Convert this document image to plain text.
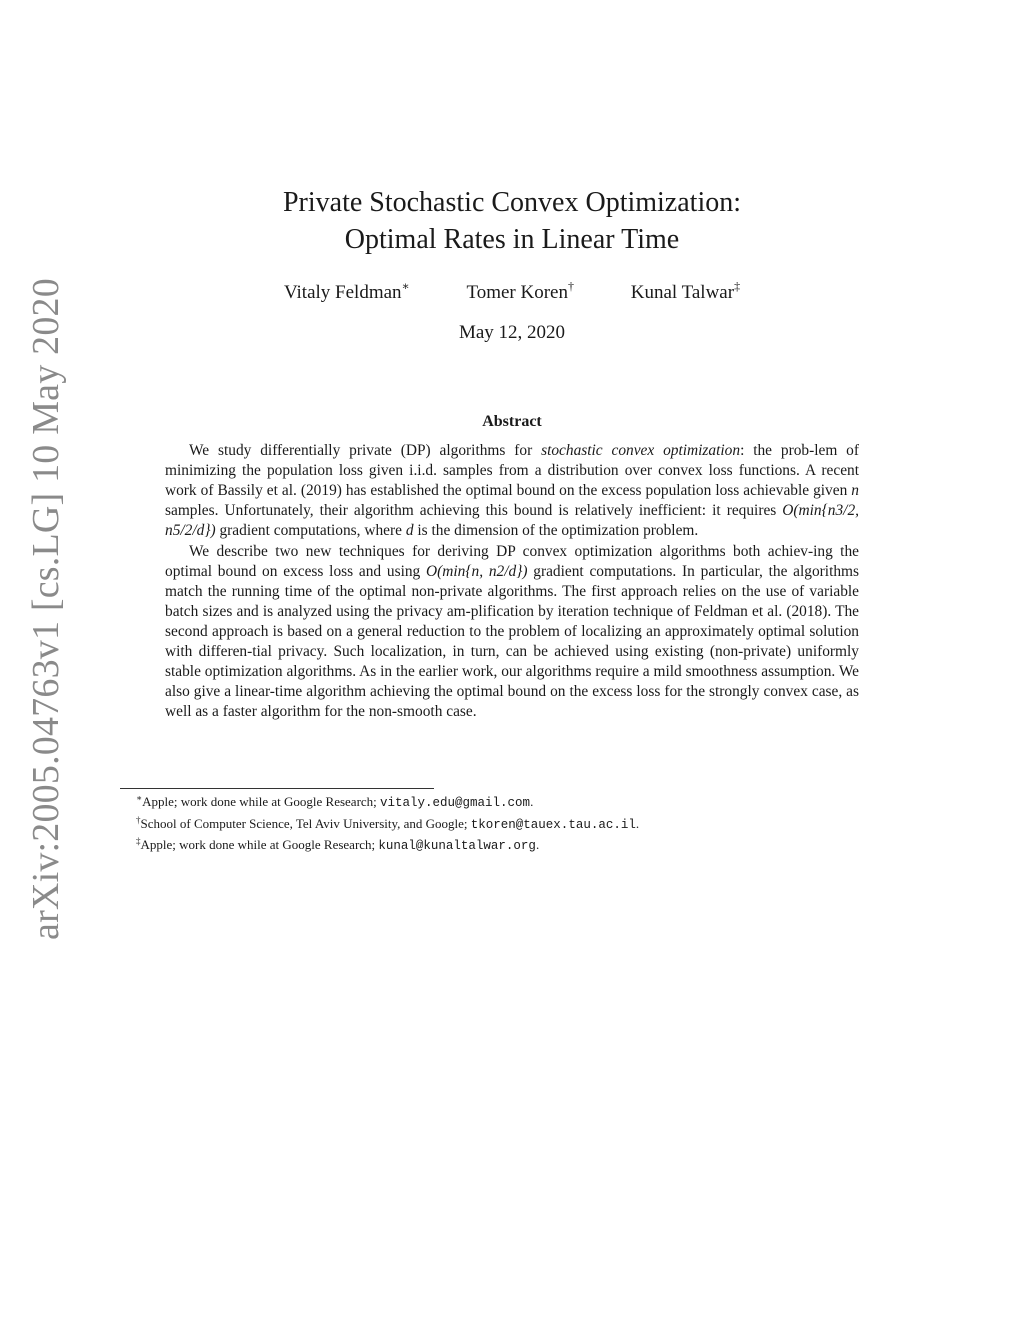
arXiv:2005.04763v1 [cs.LG] 10 May 2020
Private Stochastic Convex Optimization:
Optimal Rates in Linear Time
Vitaly Feldman∗	Tomer Koren†	Kunal Talwar‡
May 12, 2020
Abstract

We study differentially private (DP) algorithms for stochastic convex optimization: the prob-lem of minimizing the population loss given i.i.d. samples from a distribution over convex loss functions. A recent work of Bassily et al. (2019) has established the optimal bound on the excess population loss achievable given n samples. Unfortunately, their algorithm achieving this bound is relatively inefficient: it requires O(min{n3/2, n5/2/d}) gradient computations, where d is the dimension of the optimization problem.

We describe two new techniques for deriving DP convex optimization algorithms both achiev-ing the optimal bound on excess loss and using O(min{n, n2/d}) gradient computations. In particular, the algorithms match the running time of the optimal non-private algorithms. The first approach relies on the use of variable batch sizes and is analyzed using the privacy am-plification by iteration technique of Feldman et al. (2018). The second approach is based on a general reduction to the problem of localizing an approximately optimal solution with differen-tial privacy. Such localization, in turn, can be achieved using existing (non-private) uniformly stable optimization algorithms. As in the earlier work, our algorithms require a mild smoothness assumption. We also give a linear-time algorithm achieving the optimal bound on the excess loss for the strongly convex case, as well as a faster algorithm for the non-smooth case.

∗Apple; work done while at Google Research; vitaly.edu@gmail.com.

†School of Computer Science, Tel Aviv University, and Google; tkoren@tauex.tau.ac.il.

‡Apple; work done while at Google Research; kunal@kunaltalwar.org.
